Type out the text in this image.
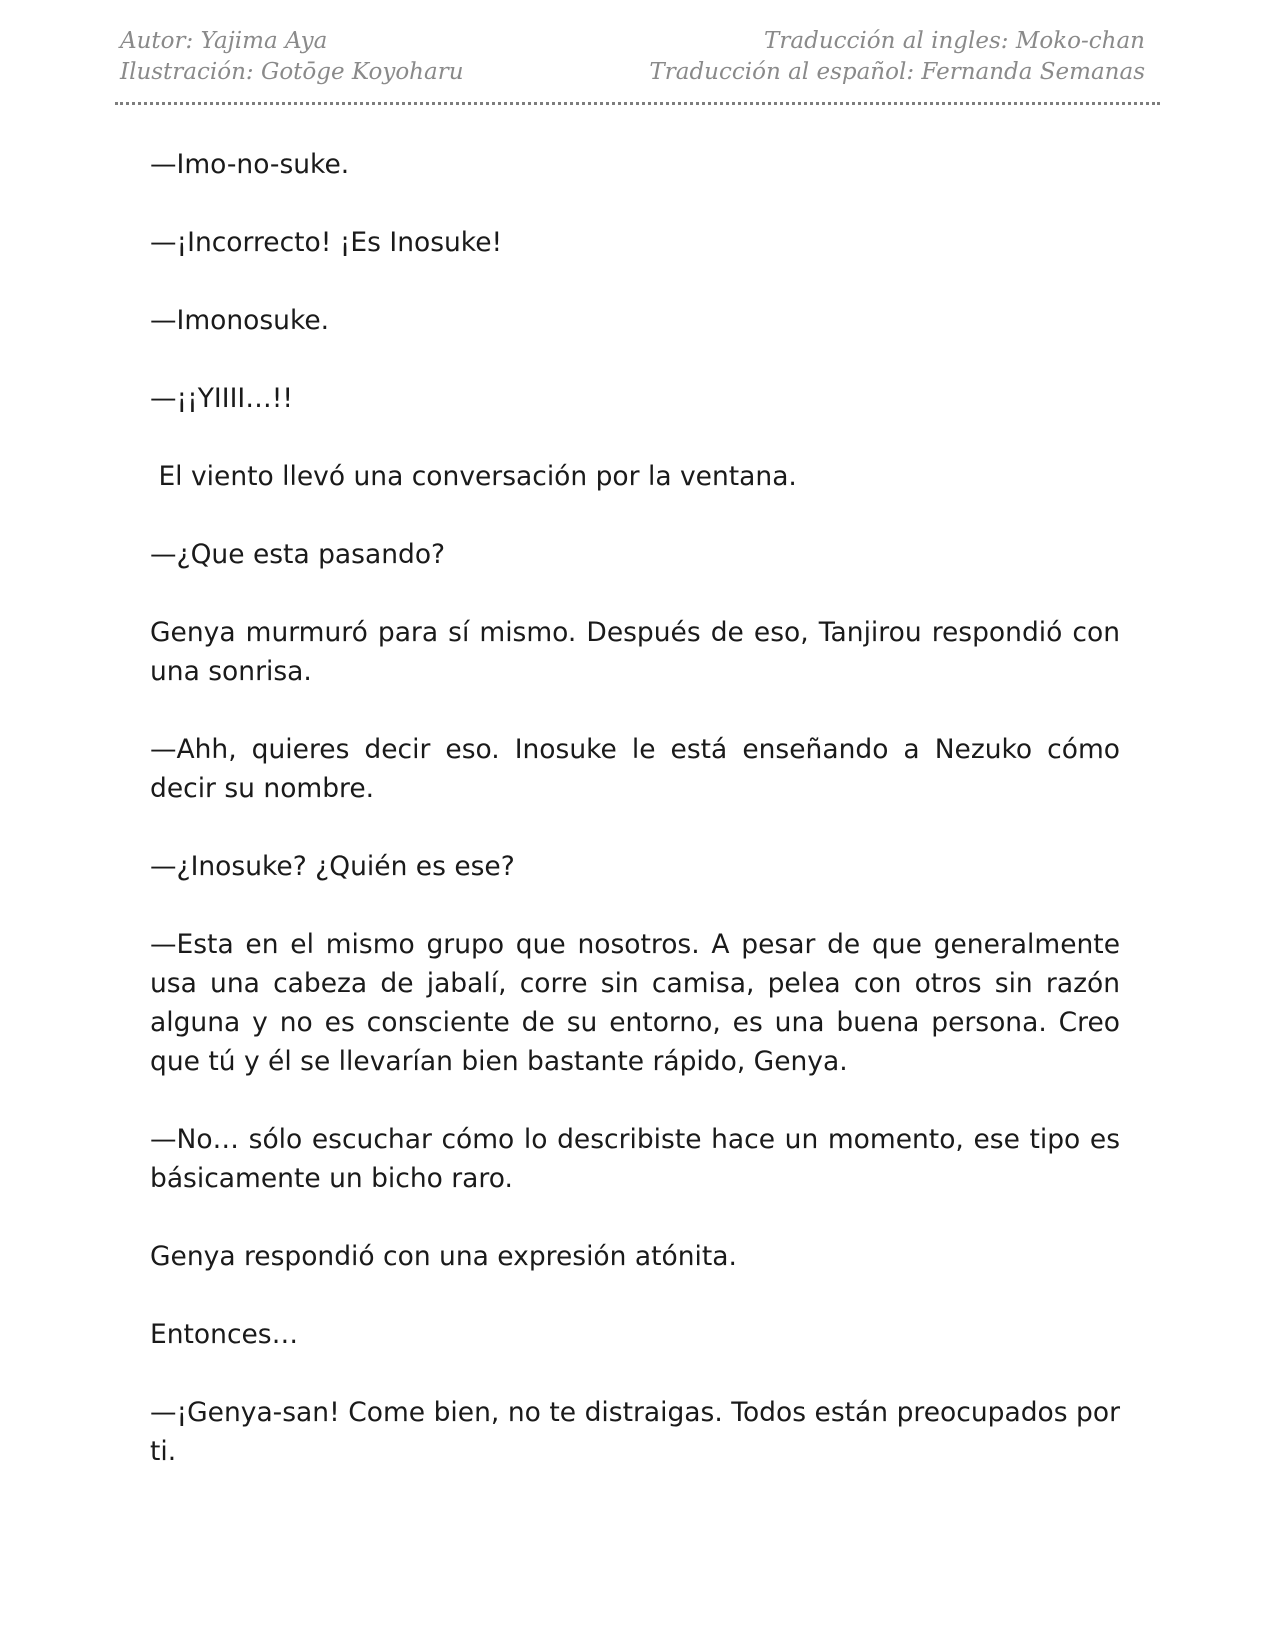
Autor: Yajima Aya
Ilustración: Gotōge Koyoharu
Traducción al ingles: Moko-chan
Traducción al español: Fernanda Semanas

—Imo-no-suke.

—¡Incorrecto! ¡Es Inosuke!

—Imonosuke.

—¡¡YIIII…!!

El viento llevó una conversación por la ventana.

—¿Que esta pasando?

Genya murmuró para sí mismo. Después de eso, Tanjirou respondió con una sonrisa.

—Ahh, quieres decir eso. Inosuke le está enseñando a Nezuko cómo decir su nombre.

—¿Inosuke? ¿Quién es ese?

—Esta en el mismo grupo que nosotros. A pesar de que generalmente usa una cabeza de jabalí, corre sin camisa, pelea con otros sin razón alguna y no es consciente de su entorno, es una buena persona. Creo que tú y él se llevarían bien bastante rápido, Genya.

—No… sólo escuchar cómo lo describiste hace un momento, ese tipo es básicamente un bicho raro.

Genya respondió con una expresión atónita.

Entonces…

—¡Genya-san! Come bien, no te distraigas. Todos están preocupados por ti.
